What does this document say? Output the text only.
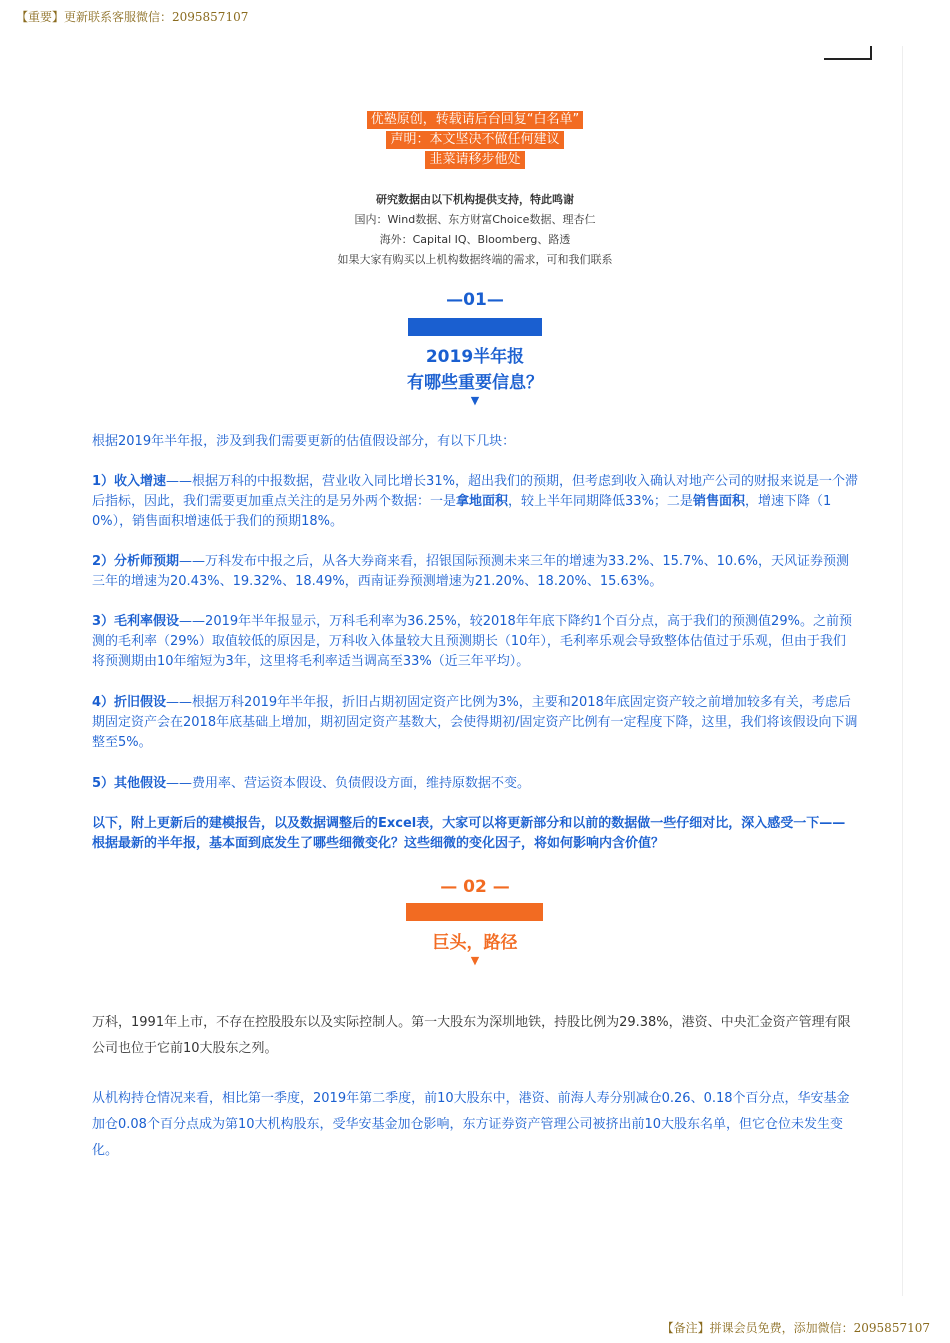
【重要】更新联系客服微信：2095857107
优塾原创，转载请后台回复“白名单”
声明：本文坚决不做任何建议
韭菜请移步他处
研究数据由以下机构提供支持，特此鸣谢
国内：Wind数据、东方财富Choice数据、理杏仁
海外：Capital IQ、Bloomberg、路透
如果大家有购买以上机构数据终端的需求，可和我们联系
—01—
2019半年报
有哪些重要信息？
▼
根据2019年半年报，涉及到我们需要更新的估值假设部分，有以下几块：
1）收入增速——根据万科的中报数据，营业收入同比增长31%，超出我们的预期，但考虑到收入确认对地产公司的财报来说是一个滞后指标，因此，我们需要更加重点关注的是另外两个数据：一是拿地面积，较上半年同期降低33%；二是销售面积，增速下降（10%），销售面积增速低于我们的预期18%。
2）分析师预期——万科发布中报之后，从各大券商来看，招银国际预测未来三年的增速为33.2%、15.7%、10.6%，天风证券预测三年的增速为20.43%、19.32%、18.49%，西南证券预测增速为21.20%、18.20%、15.63%。
3）毛利率假设——2019年半年报显示，万科毛利率为36.25%，较2018年年底下降约1个百分点，高于我们的预测值29%。之前预测的毛利率（29%）取值较低的原因是，万科收入体量较大且预测期长（10年），毛利率乐观会导致整体估值过于乐观，但由于我们将预测期由10年缩短为3年，这里将毛利率适当调高至33%（近三年平均）。
4）折旧假设——根据万科2019年半年报，折旧占期初固定资产比例为3%，主要和2018年底固定资产较之前增加较多有关，考虑后期固定资产会在2018年底基础上增加，期初固定资产基数大，会使得期初/固定资产比例有一定程度下降，这里，我们将该假设向下调整至5%。
5）其他假设——费用率、营运资本假设、负债假设方面，维持原数据不变。
以下，附上更新后的建模报告，以及数据调整后的Excel表，大家可以将更新部分和以前的数据做一些仔细对比，深入感受一下——根据最新的半年报，基本面到底发生了哪些细微变化？这些细微的变化因子，将如何影响内含价值？
— 02 —
巨头，路径
▼
万科，1991年上市，不存在控股股东以及实际控制人。第一大股东为深圳地铁，持股比例为29.38%，港资、中央汇金资产管理有限公司也位于它前10大股东之列。
从机构持仓情况来看，相比第一季度，2019年第二季度，前10大股东中，港资、前海人寿分别减仓0.26、0.18个百分点，华安基金加仓0.08个百分点成为第10大机构股东，受华安基金加仓影响，东方证券资产管理公司被挤出前10大股东名单，但它仓位未发生变化。
【备注】拼课会员免费，添加微信：2095857107
